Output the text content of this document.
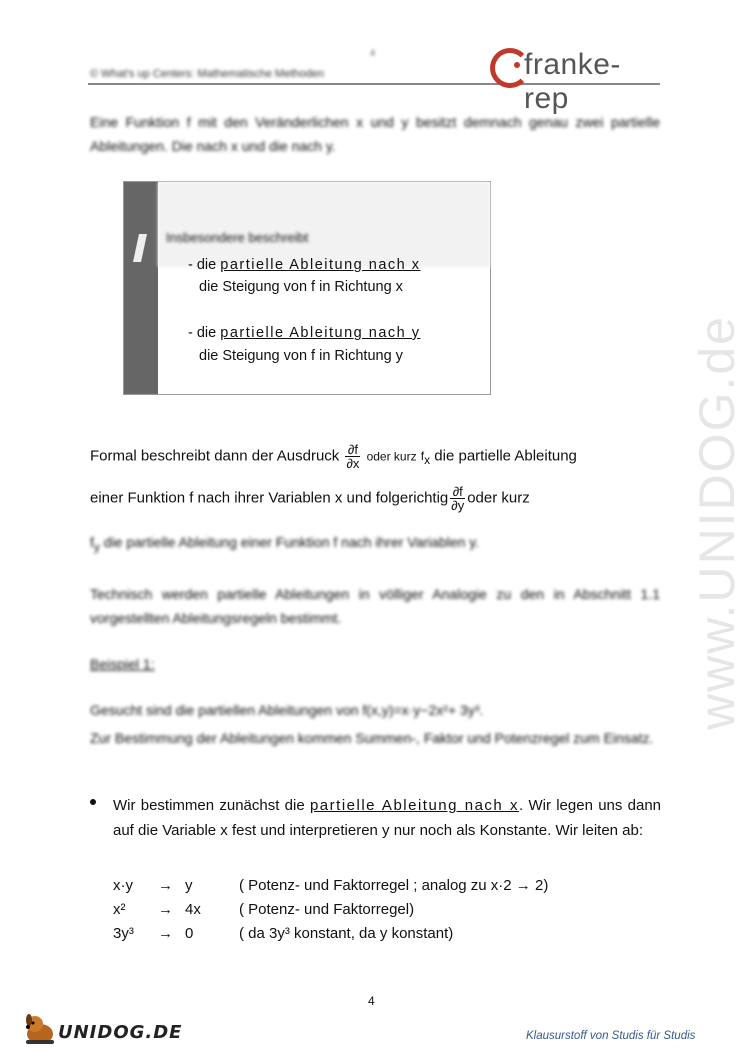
www.UNIDOG.de
4
© What's up Centers: Mathematische Methoden	franke-rep
Eine Funktion f mit den Veränderlichen x und y besitzt demnach genau zwei partielle Ableitungen. Die nach x und die nach y.
Insbesondere beschreibt
- die partielle Ableitung nach x
die Steigung von f in Richtung x
- die partielle Ableitung nach y
die Steigung von f in Richtung y
Formal beschreibt dann der Ausdruck $\frac{\partial f}{\partial x}$ oder kurz $f_x$ die partielle Ableitung
einer Funktion f nach ihrer Variablen x und folgerichtig $\frac{\partial f}{\partial y}$ oder kurz
$f_y$ die partielle Ableitung einer Funktion f nach ihrer Variablen y.
Technisch werden partielle Ableitungen in völliger Analogie zu den in Abschnitt 1.1 vorgestellten Ableitungsregeln bestimmt.
Beispiel 1:
Gesucht sind die partiellen Ableitungen von f(x,y)=x·y−2x²+ 3y³.
Zur Bestimmung der Ableitungen kommen Summen-, Faktor und Potenzregel zum Einsatz.
Wir bestimmen zunächst die partielle Ableitung nach x. Wir legen uns dann auf die Variable x fest und interpretieren y nur noch als Konstante. Wir leiten ab:
x·y → y	( Potenz- und Faktorregel ; analog zu x·2 → 2)
x² → 4x	( Potenz- und Faktorregel)
3y³ → 0	( da 3y³ konstant, da y konstant)
4
UNIDOG.DE	Klausurstoff von Studis für Studis
